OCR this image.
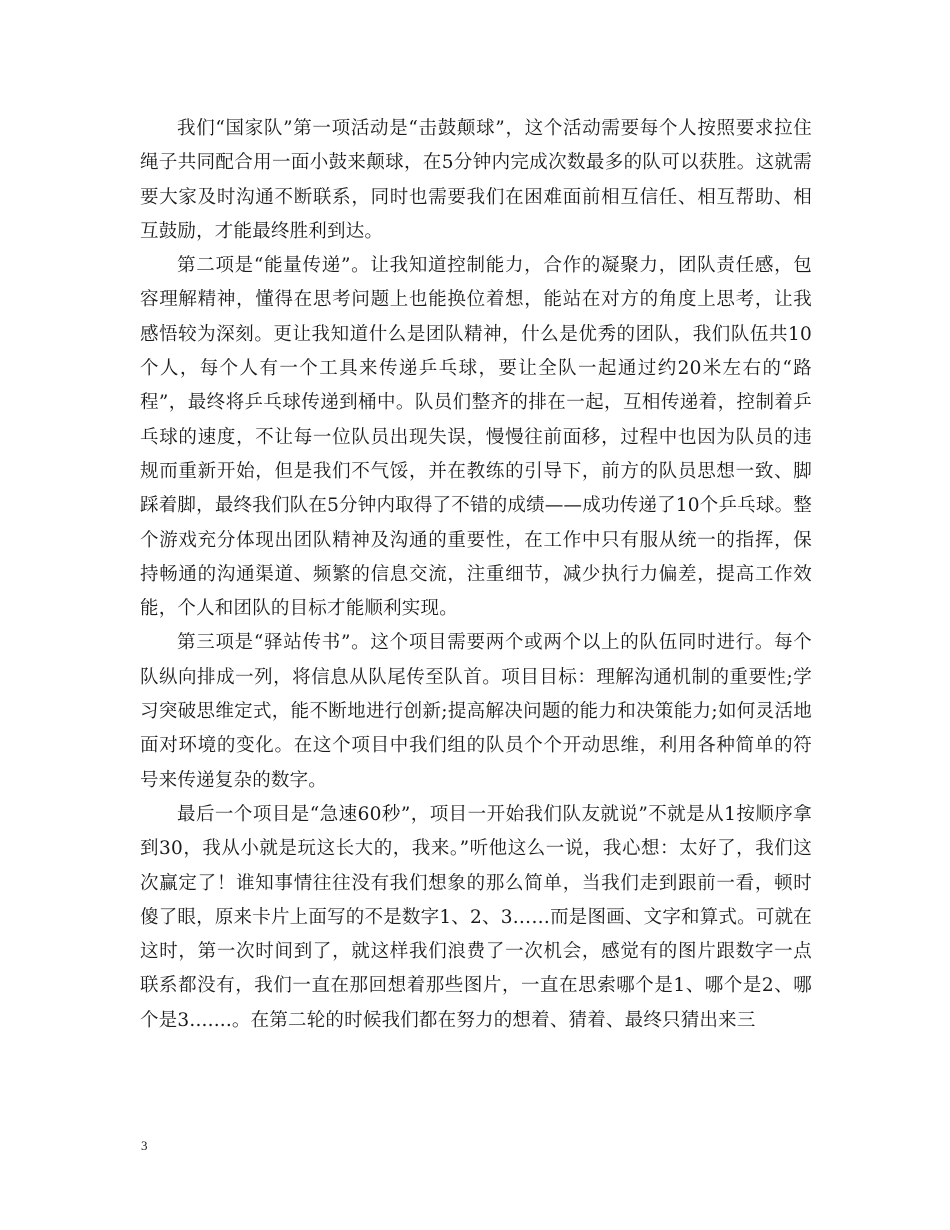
我们“国家队”第一项活动是“击鼓颠球”，这个活动需要每个人按照要求拉住绳子共同配合用一面小鼓来颠球，在5分钟内完成次数最多的队可以获胜。这就需要大家及时沟通不断联系，同时也需要我们在困难面前相互信任、相互帮助、相互鼓励，才能最终胜利到达。

第二项是“能量传递”。让我知道控制能力，合作的凝聚力，团队责任感，包容理解精神，懂得在思考问题上也能换位着想，能站在对方的角度上思考，让我感悟较为深刻。更让我知道什么是团队精神，什么是优秀的团队，我们队伍共10个人，每个人有一个工具来传递乒乓球，要让全队一起通过约20米左右的“路程”，最终将乒乓球传递到桶中。队员们整齐的排在一起，互相传递着，控制着乒乓球的速度，不让每一位队员出现失误，慢慢往前面移，过程中也因为队员的违规而重新开始，但是我们不气馁，并在教练的引导下，前方的队员思想一致、脚踩着脚，最终我们队在5分钟内取得了不错的成绩——成功传递了10个乒乓球。整个游戏充分体现出团队精神及沟通的重要性，在工作中只有服从统一的指挥，保持畅通的沟通渠道、频繁的信息交流，注重细节，减少执行力偏差，提高工作效能，个人和团队的目标才能顺利实现。

第三项是“驿站传书”。这个项目需要两个或两个以上的队伍同时进行。每个队纵向排成一列，将信息从队尾传至队首。项目目标：理解沟通机制的重要性;学习突破思维定式，能不断地进行创新;提高解决问题的能力和决策能力;如何灵活地面对环境的变化。在这个项目中我们组的队员个个开动思维，利用各种简单的符号来传递复杂的数字。

最后一个项目是“急速60秒”，项目一开始我们队友就说”不就是从1按顺序拿到30，我从小就是玩这长大的，我来。”听他这么一说，我心想：太好了，我们这次赢定了！谁知事情往往没有我们想象的那么简单，当我们走到跟前一看，顿时傻了眼，原来卡片上面写的不是数字1、2、3……而是图画、文字和算式。可就在这时，第一次时间到了，就这样我们浪费了一次机会，感觉有的图片跟数字一点联系都没有，我们一直在那回想着那些图片，一直在思索哪个是1、哪个是2、哪个是3.......。在第二轮的时候我们都在努力的想着、猜着、最终只猜出来三

3
